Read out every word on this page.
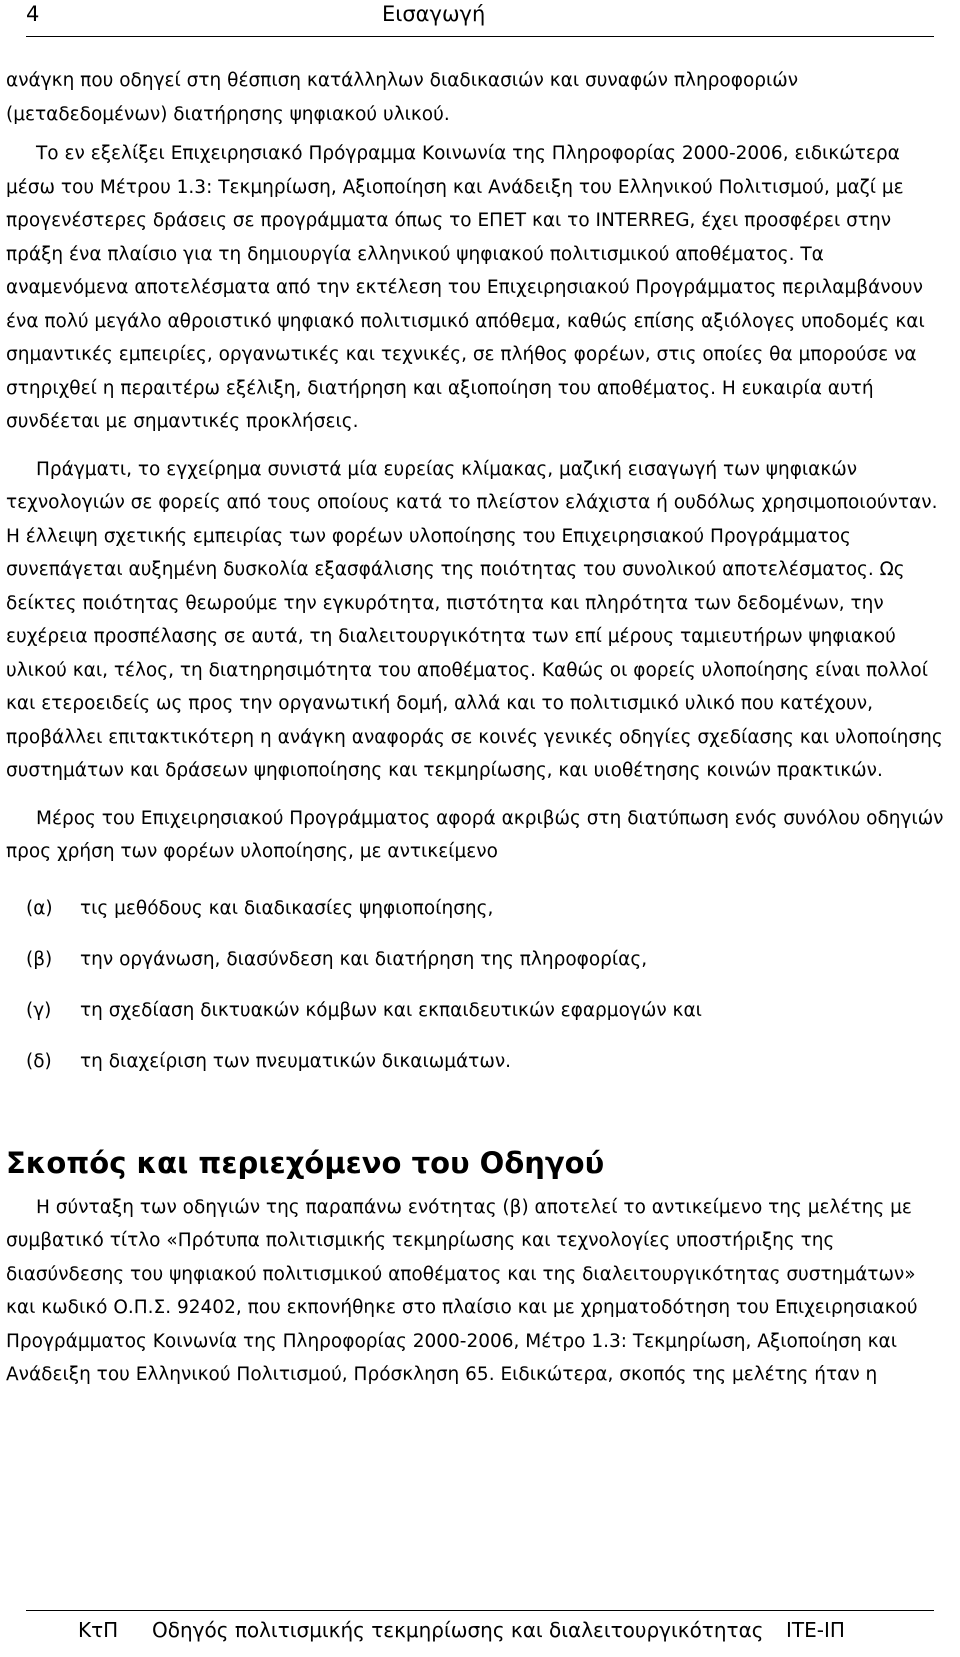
4	Εισαγωγή

ανάγκη που οδηγεί στη θέσπιση κατάλληλων διαδικασιών και συναφών πληροφοριών (μεταδεδομένων) διατήρησης ψηφιακού υλικού.

Το εν εξελίξει Επιχειρησιακό Πρόγραμμα Κοινωνία της Πληροφορίας 2000-2006, ειδικώτερα μέσω του Μέτρου 1.3: Τεκμηρίωση, Αξιοποίηση και Ανάδειξη του Ελληνικού Πολιτισμού, μαζί με προγενέστερες δράσεις σε προγράμματα όπως το ΕΠΕΤ και το INTERREG, έχει προσφέρει στην πράξη ένα πλαίσιο για τη δημιουργία ελληνικού ψηφιακού πολιτισμικού αποθέματος. Τα αναμενόμενα αποτελέσματα από την εκτέλεση του Επιχειρησιακού Προγράμματος περιλαμβάνουν ένα πολύ μεγάλο αθροιστικό ψηφιακό πολιτισμικό απόθεμα, καθώς επίσης αξιόλογες υποδομές και σημαντικές εμπειρίες, οργανωτικές και τεχνικές, σε πλήθος φορέων, στις οποίες θα μπορούσε να στηριχθεί η περαιτέρω εξέλιξη, διατήρηση και αξιοποίηση του αποθέματος. Η ευκαιρία αυτή συνδέεται με σημαντικές προκλήσεις.

Πράγματι, το εγχείρημα συνιστά μία ευρείας κλίμακας, μαζική εισαγωγή των ψηφιακών τεχνολογιών σε φορείς από τους οποίους κατά το πλείστον ελάχιστα ή ουδόλως χρησιμοποιούνταν. Η έλλειψη σχετικής εμπειρίας των φορέων υλοποίησης του Επιχειρησιακού Προγράμματος συνεπάγεται αυξημένη δυσκολία εξασφάλισης της ποιότητας του συνολικού αποτελέσματος. Ως δείκτες ποιότητας θεωρούμε την εγκυρότητα, πιστότητα και πληρότητα των δεδομένων, την ευχέρεια προσπέλασης σε αυτά, τη διαλειτουργικότητα των επί μέρους ταμιευτήρων ψηφιακού υλικού και, τέλος, τη διατηρησιμότητα του αποθέματος. Καθώς οι φορείς υλοποίησης είναι πολλοί και ετεροειδείς ως προς την οργανωτική δομή, αλλά και το πολιτισμικό υλικό που κατέχουν, προβάλλει επιτακτικότερη η ανάγκη αναφοράς σε κοινές γενικές οδηγίες σχεδίασης και υλοποίησης συστημάτων και δράσεων ψηφιοποίησης και τεκμηρίωσης, και υιοθέτησης κοινών πρακτικών.

Μέρος του Επιχειρησιακού Προγράμματος αφορά ακριβώς στη διατύπωση ενός συνόλου οδηγιών προς χρήση των φορέων υλοποίησης, με αντικείμενο

(α)	τις μεθόδους και διαδικασίες ψηφιοποίησης,
(β)	την οργάνωση, διασύνδεση και διατήρηση της πληροφορίας,
(γ)	τη σχεδίαση δικτυακών κόμβων και εκπαιδευτικών εφαρμογών και
(δ)	τη διαχείριση των πνευματικών δικαιωμάτων.
Σκοπός και περιεχόμενο του Οδηγού

Η σύνταξη των οδηγιών της παραπάνω ενότητας (β) αποτελεί το αντικείμενο της μελέτης με συμβατικό τίτλο «Πρότυπα πολιτισμικής τεκμηρίωσης και τεχνολογίες υποστήριξης της διασύνδεσης του ψηφιακού πολιτισμικού αποθέματος και της διαλειτουργικότητας συστημάτων» και κωδικό Ο.Π.Σ. 92402, που εκπονήθηκε στο πλαίσιο και με χρηματοδότηση του Επιχειρησιακού Προγράμματος Κοινωνία της Πληροφορίας 2000-2006, Μέτρο 1.3: Τεκμηρίωση, Αξιοποίηση και Ανάδειξη του Ελληνικού Πολιτισμού, Πρόσκληση 65. Ειδικώτερα, σκοπός της μελέτης ήταν η

ΚτΠ Οδηγός πολιτισμικής τεκμηρίωσης και διαλειτουργικότητας ΙΤΕ-ΙΠ
